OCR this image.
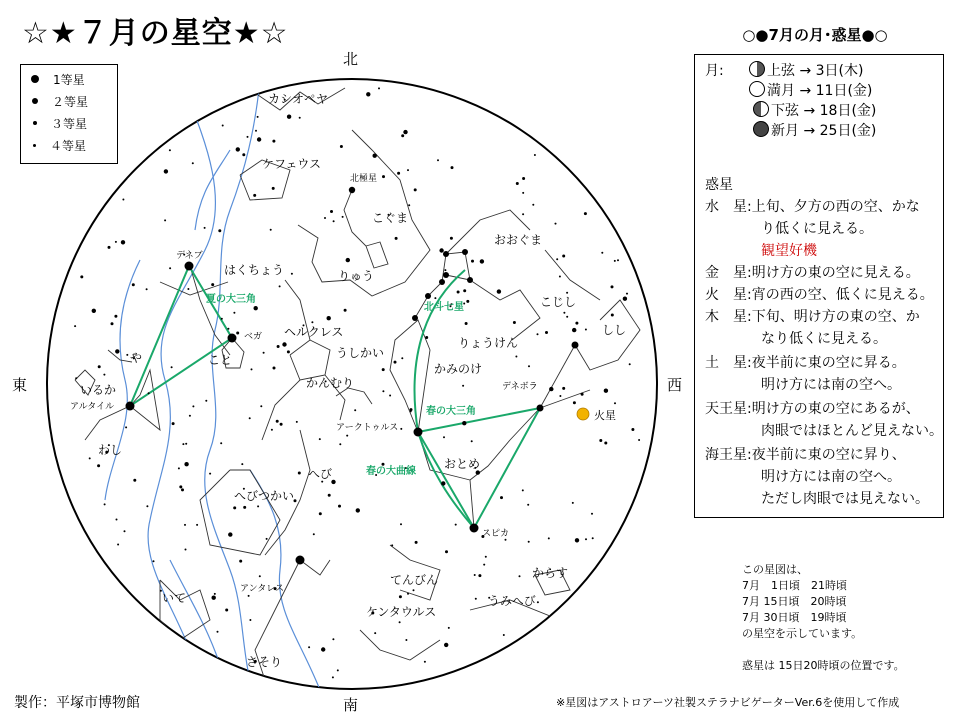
☆★７月の星空★☆
北
南
東	西
1等星
２等星
３等星
４等星
カシオペヤ
ケフェウス
北極星
こぐま
おおぐま
こじし
しし
りゅう
はくちょう
デネブ
ベガ
こと
ヘルクレス
うしかい
りょうけん
かみのけ
かんむり
や
いるか
アルタイル
わし
デネボラ
アークトゥルス
へび
へびつかい
おとめ
スピカ
アンタレス
てんびん	からす
いて
ケンタウルス
うみへび
さそり
火星
夏の大三角
北斗七星
春の大三角
春の大曲線
○●7月の月･惑星●○
月:	上弦 → 3日(木)
満月 → 11日(金)
下弦 → 18日(金)
新月 → 25日(金)
惑星
水　星:上旬、夕方の西の空、かな
り低くに見える。
観望好機
金　星:明け方の東の空に見える。
火　星:宵の西の空、低くに見える。
木　星:下旬、明け方の東の空、か
なり低くに見える。
土　星:夜半前に東の空に昇る。
明け方には南の空へ。
天王星:明け方の東の空にあるが、
肉眼ではほとんど見えない。
海王星:夜半前に東の空に昇り、
明け方には南の空へ。
ただし肉眼では見えない。
この星図は、
7月　1日頃　 21時頃
7月 15日頃　 20時頃
7月 30日頃　 19時頃
の星空を示しています。
惑星は 15日20時頃の位置です。
製作：平塚市博物館	※星図はアストロアーツ社製ステラナビゲーターVer.6を使用して作成
